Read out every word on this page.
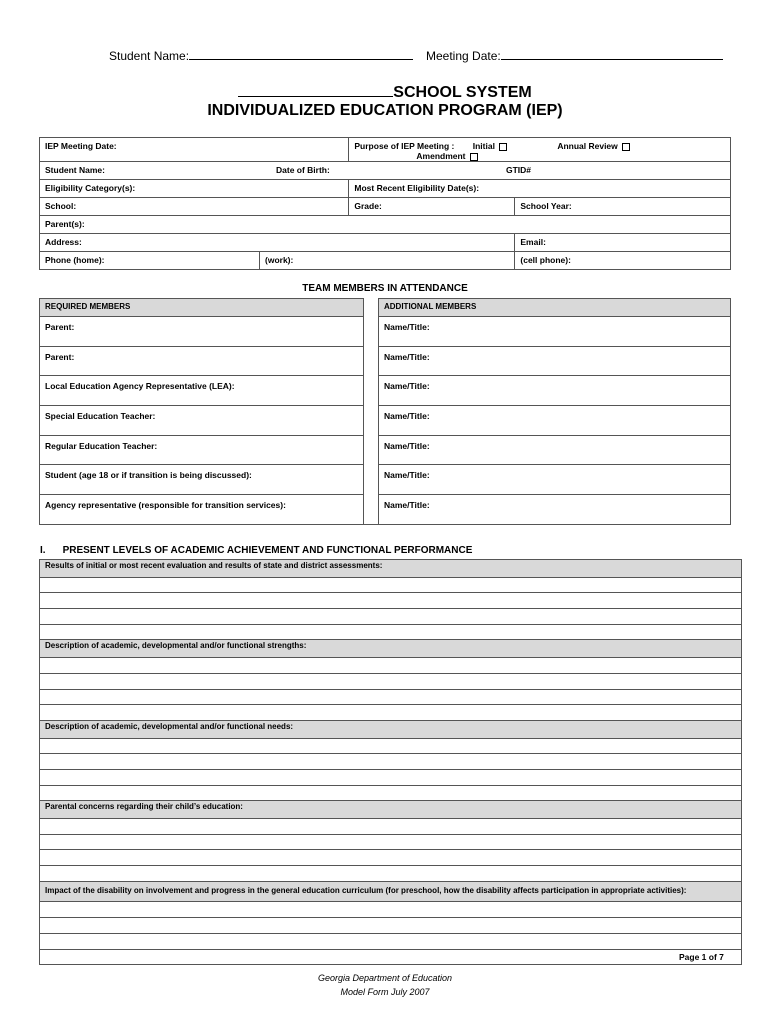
Student Name:	Meeting Date:
SCHOOL SYSTEM
INDIVIDUALIZED EDUCATION PROGRAM (IEP)
IEP Meeting Date:		Purpose of IEP Meeting : Initial Annual Review Amendment	
Student Name: Date of Birth: GTID#			

Eligibility Category(s):		Most Recent Eligibility Date(s):	
School:		Grade:	School Year:
Parent(s):			
Address:			Email:
Phone (home):	(work):		(cell phone):
TEAM MEMBERS IN ATTENDANCE
REQUIRED MEMBERS		ADDITIONAL MEMBERS
Parent:		Name/Title:
Parent:		Name/Title:
Local Education Agency Representative (LEA):		Name/Title:
Special Education Teacher:		Name/Title:
Regular Education Teacher:		Name/Title:
Student (age 18 or if transition is being discussed):		Name/Title:
Agency representative (responsible for transition services):		Name/Title:
I. PRESENT LEVELS OF ACADEMIC ACHIEVEMENT AND FUNCTIONAL PERFORMANCE
Results of initial or most recent evaluation and results of state and district assessments:

Description of academic, developmental and/or functional strengths:

Description of academic, developmental and/or functional needs:

Parental concerns regarding their child’s education:

Impact of the disability on involvement and progress in the general education curriculum (for preschool, how the disability affects participation in appropriate activities):

Page 1 of 7
Georgia Department of Education
Model Form July 2007
